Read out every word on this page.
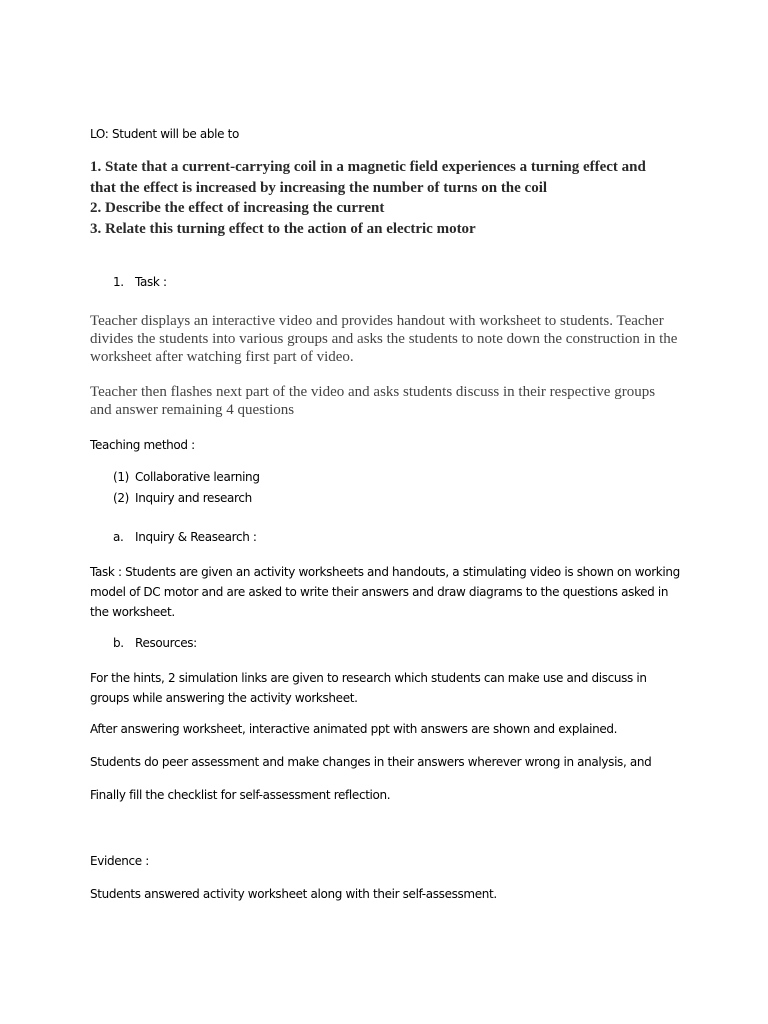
LO: Student will be able to

1. State that a current-carrying coil in a magnetic field experiences a turning effect and
that the effect is increased by increasing the number of turns on the coil
2. Describe the effect of increasing the current
3. Relate this turning effect to the action of an electric motor
1. Task :

Teacher displays an interactive video and provides handout with worksheet to students. Teacher divides the students into various groups and asks the students to note down the construction in the worksheet after watching first part of video.

Teacher then flashes next part of the video and asks students discuss in their respective groups and answer remaining 4 questions

Teaching method :

(1) Collaborative learning
(2) Inquiry and research
a. Inquiry & Reasearch :

Task : Students are given an activity worksheets and handouts, a stimulating video is shown on working model of DC motor and are asked to write their answers and draw diagrams to the questions asked in the worksheet.

b. Resources:

For the hints, 2 simulation links are given to research which students can make use and discuss in groups while answering the activity worksheet.

After answering worksheet, interactive animated ppt with answers are shown and explained.

Students do peer assessment and make changes in their answers wherever wrong in analysis, and

Finally fill the checklist for self-assessment reflection.

Evidence :

Students answered activity worksheet along with their self-assessment.
